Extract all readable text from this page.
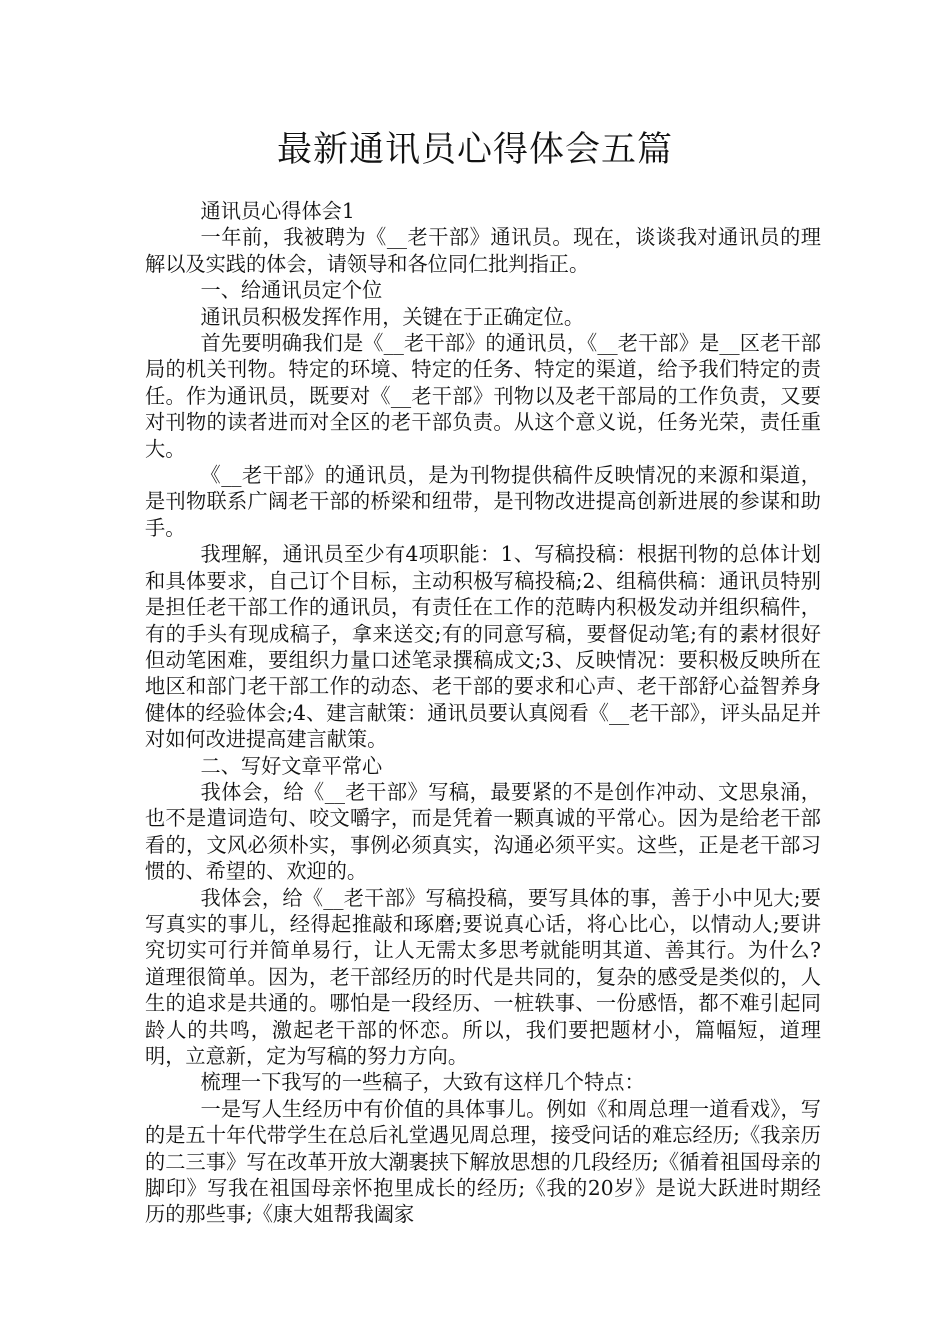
最新通讯员心得体会五篇

通讯员心得体会1

一年前，我被聘为《__老干部》通讯员。现在，谈谈我对通讯员的理解以及实践的体会，请领导和各位同仁批判指正。

一、给通讯员定个位

通讯员积极发挥作用，关键在于正确定位。

首先要明确我们是《__老干部》的通讯员，《__老干部》是__区老干部局的机关刊物。特定的环境、特定的任务、特定的渠道，给予我们特定的责任。作为通讯员，既要对《__老干部》刊物以及老干部局的工作负责，又要对刊物的读者进而对全区的老干部负责。从这个意义说，任务光荣，责任重大。

《__老干部》的通讯员，是为刊物提供稿件反映情况的来源和渠道，是刊物联系广阔老干部的桥梁和纽带，是刊物改进提高创新进展的参谋和助手。

我理解，通讯员至少有4项职能：1、写稿投稿：根据刊物的总体计划和具体要求，自己订个目标，主动积极写稿投稿;2、组稿供稿：通讯员特别是担任老干部工作的通讯员，有责任在工作的范畴内积极发动并组织稿件，有的手头有现成稿子，拿来送交;有的同意写稿，要督促动笔;有的素材很好但动笔困难，要组织力量口述笔录撰稿成文;3、反映情况：要积极反映所在地区和部门老干部工作的动态、老干部的要求和心声、老干部舒心益智养身健体的经验体会;4、建言献策：通讯员要认真阅看《__老干部》，评头品足并对如何改进提高建言献策。

二、写好文章平常心

我体会，给《__老干部》写稿，最要紧的不是创作冲动、文思泉涌，也不是遣词造句、咬文嚼字，而是凭着一颗真诚的平常心。因为是给老干部看的，文风必须朴实，事例必须真实，沟通必须平实。这些，正是老干部习惯的、希望的、欢迎的。

我体会，给《__老干部》写稿投稿，要写具体的事，善于小中见大;要写真实的事儿，经得起推敲和琢磨;要说真心话，将心比心，以情动人;要讲究切实可行并简单易行，让人无需太多思考就能明其道、善其行。为什么?道理很简单。因为，老干部经历的时代是共同的，复杂的感受是类似的，人生的追求是共通的。哪怕是一段经历、一桩轶事、一份感悟，都不难引起同龄人的共鸣，激起老干部的怀恋。所以，我们要把题材小，篇幅短，道理明，立意新，定为写稿的努力方向。

梳理一下我写的一些稿子，大致有这样几个特点：

一是写人生经历中有价值的具体事儿。例如《和周总理一道看戏》，写的是五十年代带学生在总后礼堂遇见周总理，接受问话的难忘经历;《我亲历的二三事》写在改革开放大潮裹挟下解放思想的几段经历;《循着祖国母亲的脚印》写我在祖国母亲怀抱里成长的经历;《我的20岁》是说大跃进时期经历的那些事;《康大姐帮我阖家
